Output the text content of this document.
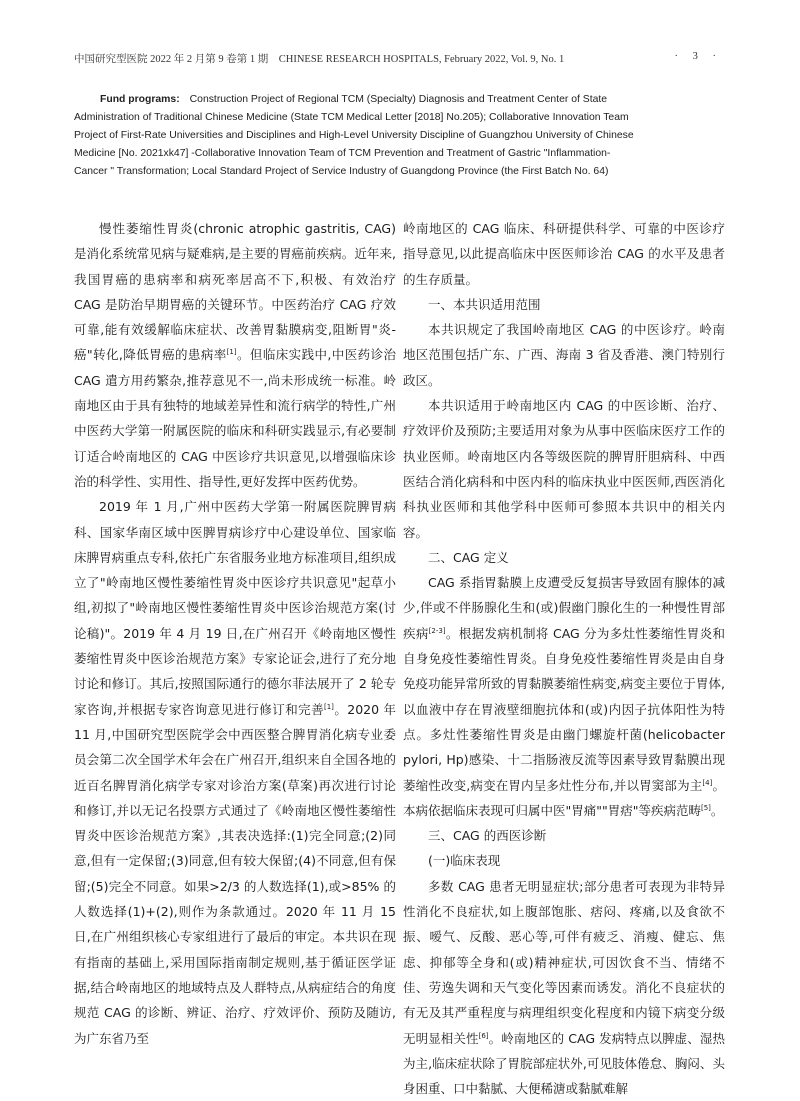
中国研究型医院 2022 年 2 月第 9 卷第 1 期　CHINESE RESEARCH HOSPITALS, February 2022, Vol. 9, No. 1	· 3 ·
Fund programs: Construction Project of Regional TCM (Specialty) Diagnosis and Treatment Center of State Administration of Traditional Chinese Medicine (State TCM Medical Letter [2018] No.205); Collaborative Innovation Team Project of First-Rate Universities and Disciplines and High-Level University Discipline of Guangzhou University of Chinese Medicine [No. 2021xk47] -Collaborative Innovation Team of TCM Prevention and Treatment of Gastric "Inflammation-Cancer " Transformation; Local Standard Project of Service Industry of Guangdong Province (the First Batch No. 64)

慢性萎缩性胃炎(chronic atrophic gastritis, CAG)是消化系统常见病与疑难病,是主要的胃癌前疾病。近年来,我国胃癌的患病率和病死率居高不下,积极、有效治疗 CAG 是防治早期胃癌的关键环节。中医药治疗 CAG 疗效可靠,能有效缓解临床症状、改善胃黏膜病变,阻断胃"炎-癌"转化,降低胃癌的患病率[1]。但临床实践中,中医药诊治 CAG 遣方用药繁杂,推荐意见不一,尚未形成统一标准。岭南地区由于具有独特的地域差异性和流行病学的特性,广州中医药大学第一附属医院的临床和科研实践显示,有必要制订适合岭南地区的 CAG 中医诊疗共识意见,以增强临床诊治的科学性、实用性、指导性,更好发挥中医药优势。

2019 年 1 月,广州中医药大学第一附属医院脾胃病科、国家华南区域中医脾胃病诊疗中心建设单位、国家临床脾胃病重点专科,依托广东省服务业地方标准项目,组织成立了"岭南地区慢性萎缩性胃炎中医诊疗共识意见"起草小组,初拟了"岭南地区慢性萎缩性胃炎中医诊治规范方案(讨论稿)"。2019 年 4 月 19 日,在广州召开《岭南地区慢性萎缩性胃炎中医诊治规范方案》专家论证会,进行了充分地讨论和修订。其后,按照国际通行的德尔菲法展开了 2 轮专家咨询,并根据专家咨询意见进行修订和完善[1]。2020 年 11 月,中国研究型医院学会中西医整合脾胃消化病专业委员会第二次全国学术年会在广州召开,组织来自全国各地的近百名脾胃消化病学专家对诊治方案(草案)再次进行讨论和修订,并以无记名投票方式通过了《岭南地区慢性萎缩性胃炎中医诊治规范方案》,其表决选择:(1)完全同意;(2)同意,但有一定保留;(3)同意,但有较大保留;(4)不同意,但有保留;(5)完全不同意。如果>2/3 的人数选择(1),或>85% 的人数选择(1)+(2),则作为条款通过。2020 年 11 月 15 日,在广州组织核心专家组进行了最后的审定。本共识在现有指南的基础上,采用国际指南制定规则,基于循证医学证据,结合岭南地区的地域特点及人群特点,从病症结合的角度规范 CAG 的诊断、辨证、治疗、疗效评价、预防及随访,为广东省乃至

岭南地区的 CAG 临床、科研提供科学、可靠的中医诊疗指导意见,以此提高临床中医医师诊治 CAG 的水平及患者的生存质量。

一、本共识适用范围

本共识规定了我国岭南地区 CAG 的中医诊疗。岭南地区范围包括广东、广西、海南 3 省及香港、澳门特别行政区。

本共识适用于岭南地区内 CAG 的中医诊断、治疗、疗效评价及预防;主要适用对象为从事中医临床医疗工作的执业医师。岭南地区内各等级医院的脾胃肝胆病科、中西医结合消化病科和中医内科的临床执业中医医师,西医消化科执业医师和其他学科中医师可参照本共识中的相关内容。

二、CAG 定义

CAG 系指胃黏膜上皮遭受反复损害导致固有腺体的减少,伴或不伴肠腺化生和(或)假幽门腺化生的一种慢性胃部疾病[2-3]。根据发病机制将 CAG 分为多灶性萎缩性胃炎和自身免疫性萎缩性胃炎。自身免疫性萎缩性胃炎是由自身免疫功能异常所致的胃黏膜萎缩性病变,病变主要位于胃体,以血液中存在胃液壁细胞抗体和(或)内因子抗体阳性为特点。多灶性萎缩性胃炎是由幽门螺旋杆菌(helicobacter pylori, Hp)感染、十二指肠液反流等因素导致胃黏膜出现萎缩性改变,病变在胃内呈多灶性分布,并以胃窦部为主[4]。本病依据临床表现可归属中医"胃痛""胃痞"等疾病范畴[5]。

三、CAG 的西医诊断

(一)临床表现

多数 CAG 患者无明显症状;部分患者可表现为非特异性消化不良症状,如上腹部饱胀、痞闷、疼痛,以及食欲不振、嗳气、反酸、恶心等,可伴有疲乏、消瘦、健忘、焦虑、抑郁等全身和(或)精神症状,可因饮食不当、情绪不佳、劳逸失调和天气变化等因素而诱发。消化不良症状的有无及其严重程度与病理组织变化程度和内镜下病变分级无明显相关性[6]。岭南地区的 CAG 发病特点以脾虚、湿热为主,临床症状除了胃脘部症状外,可见肢体倦怠、胸闷、头身困重、口中黏腻、大便稀溏或黏腻难解
